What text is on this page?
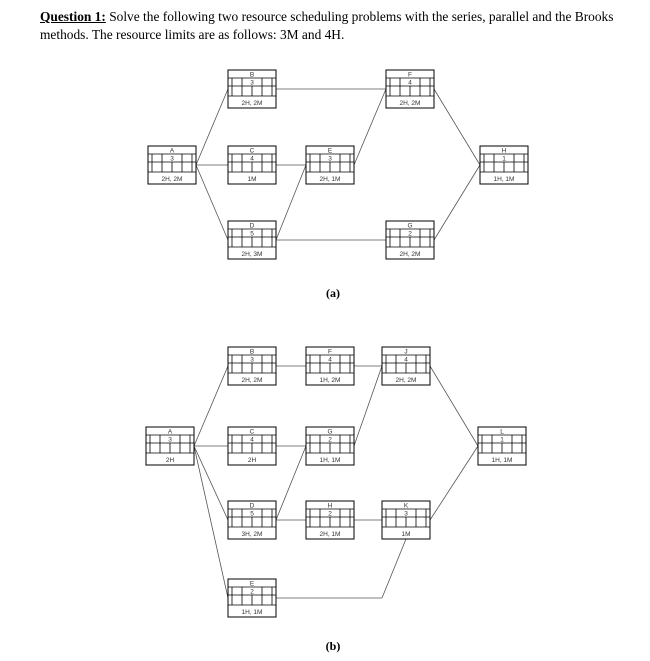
Question 1: Solve the following two resource scheduling problems with the series, parallel and the Brooks methods. The resource limits are as follows: 3M and 4H.
A
3
2H, 2M
B
3
2H, 2M
C
4
1M
D
5
2H, 3M
E
3
2H, 1M
F
4
2H, 2M
G
2
2H, 2M
H
1
1H, 1M
(a)
A
3
2H
B
3
2H, 2M
C
4
2H
D
5
3H, 2M
E
2
1H, 1M
F
4
1H, 2M
G
2
1H, 1M
H
2
2H, 1M
J
4
2H, 2M
K
3
1M
L
1
1H, 1M
(b)
